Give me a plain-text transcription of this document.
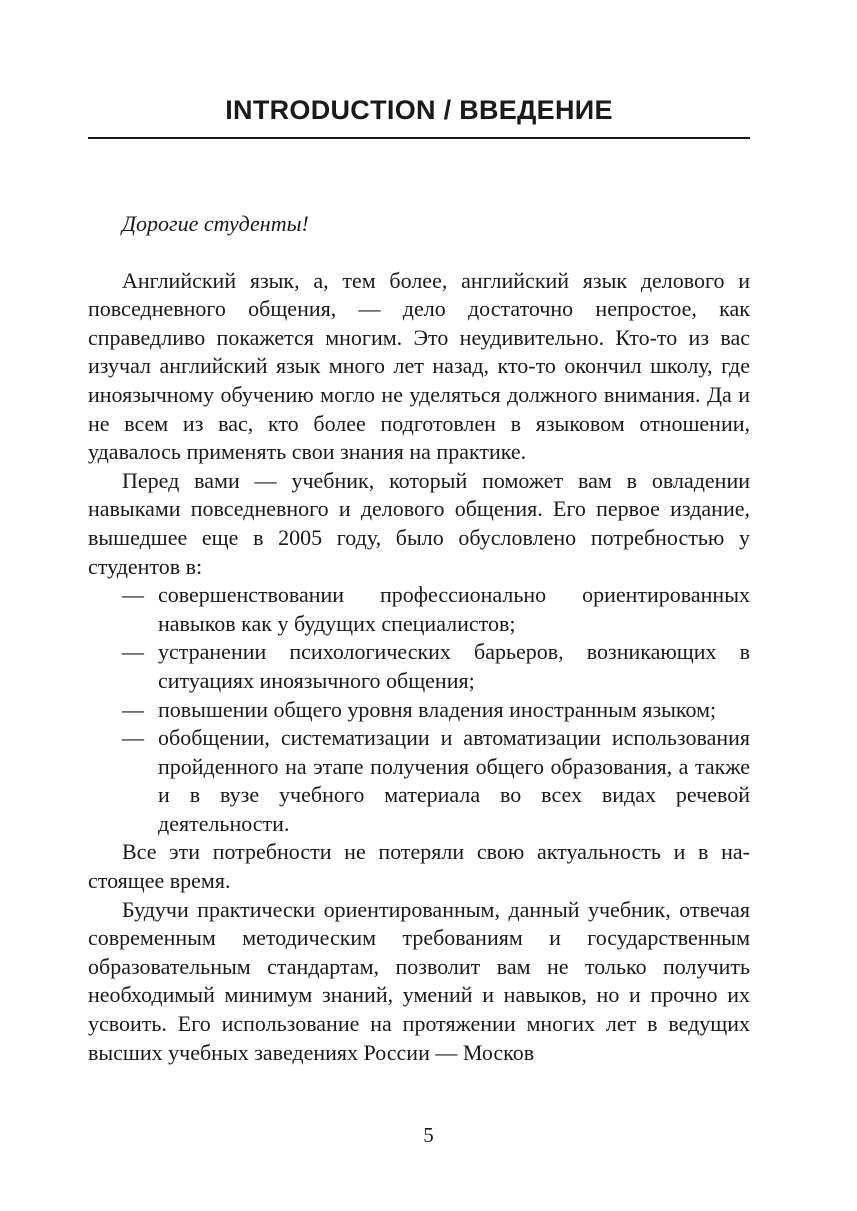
INTRODUCTION / ВВЕДЕНИЕ

Дорогие студенты!

Английский язык, а, тем более, английский язык делового и повседневного общения, — дело достаточно непростое, как справедливо покажется многим. Это неудивительно. Кто-то из вас изучал английский язык много лет назад, кто-то окончил школу, где иноязычному обучению могло не уделяться должного внимания. Да и не всем из вас, кто более подготовлен в языковом отношении, удавалось применять свои знания на практике.

Перед вами — учебник, который поможет вам в овладении навыками повседневного и делового общения. Его первое издание, вышедшее еще в 2005 году, было обусловлено потребностью у студентов в:

— совершенствовании профессионально ориентированных навыков как у будущих специалистов;
— устранении психологических барьеров, возникающих в ситуациях иноязычного общения;
— повышении общего уровня владения иностранным языком;
— обобщении, систематизации и автоматизации использования пройденного на этапе получения общего образования, а также и в вузе учебного материала во всех видах речевой деятельности.

Все эти потребности не потеряли свою актуальность и в настоящее время.

Будучи практически ориентированным, данный учебник, отвечая современным методическим требованиям и государственным образовательным стандартам, позволит вам не только получить необходимый минимум знаний, умений и навыков, но и прочно их усвоить. Его использование на протяжении многих лет в ведущих высших учебных заведениях России — Москов

5
